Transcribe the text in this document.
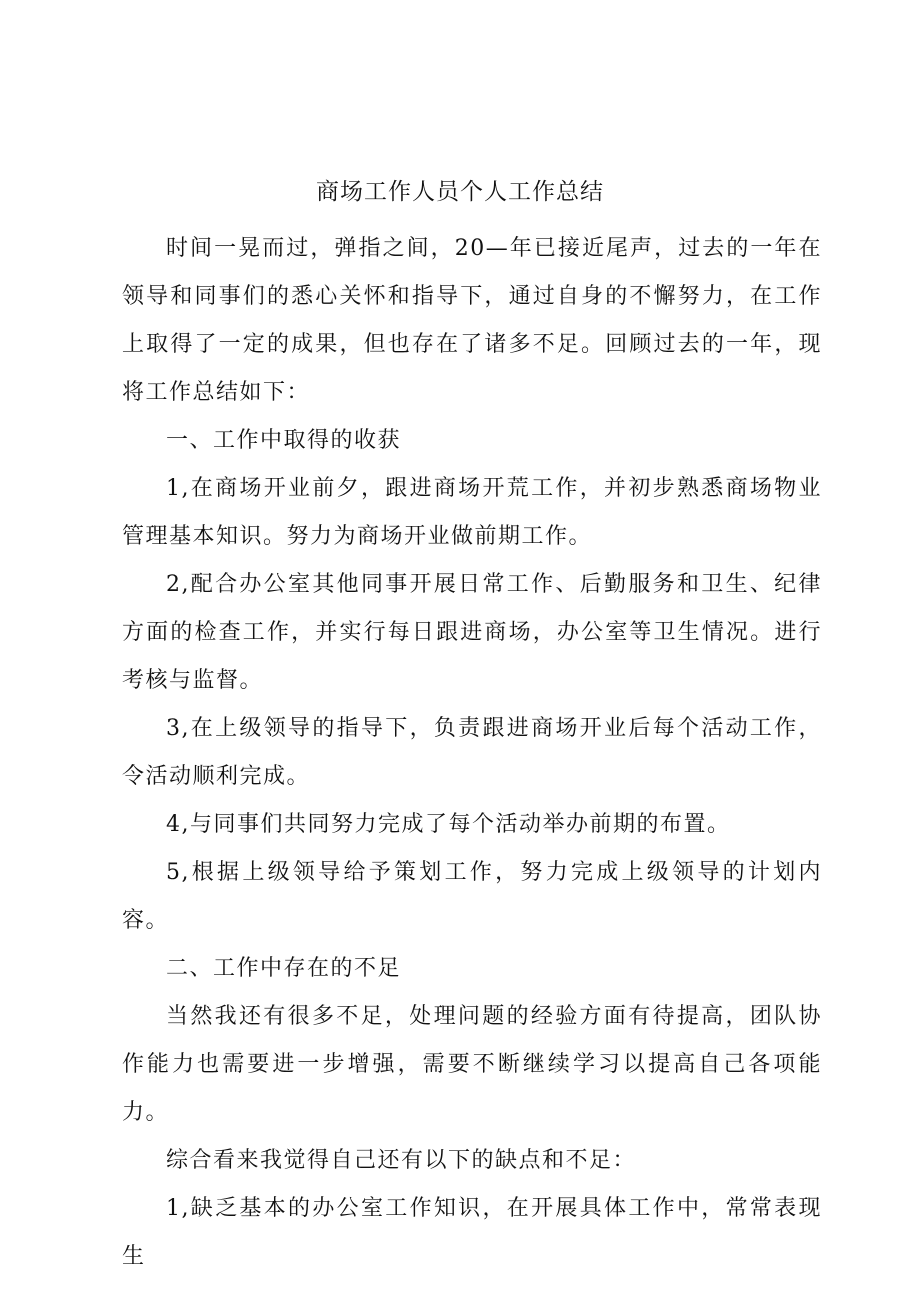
商场工作人员个人工作总结

时间一晃而过，弹指之间，20—年已接近尾声，过去的一年在领导和同事们的悉心关怀和指导下，通过自身的不懈努力，在工作上取得了一定的成果，但也存在了诸多不足。回顾过去的一年，现将工作总结如下：

一、工作中取得的收获

1,在商场开业前夕，跟进商场开荒工作，并初步熟悉商场物业管理基本知识。努力为商场开业做前期工作。

2,配合办公室其他同事开展日常工作、后勤服务和卫生、纪律方面的检查工作，并实行每日跟进商场，办公室等卫生情况。进行考核与监督。

3,在上级领导的指导下，负责跟进商场开业后每个活动工作，令活动顺利完成。

4,与同事们共同努力完成了每个活动举办前期的布置。

5,根据上级领导给予策划工作，努力完成上级领导的计划内容。

二、工作中存在的不足

当然我还有很多不足，处理问题的经验方面有待提高，团队协作能力也需要进一步增强，需要不断继续学习以提高自己各项能力。

综合看来我觉得自己还有以下的缺点和不足：

1,缺乏基本的办公室工作知识，在开展具体工作中，常常表现生
